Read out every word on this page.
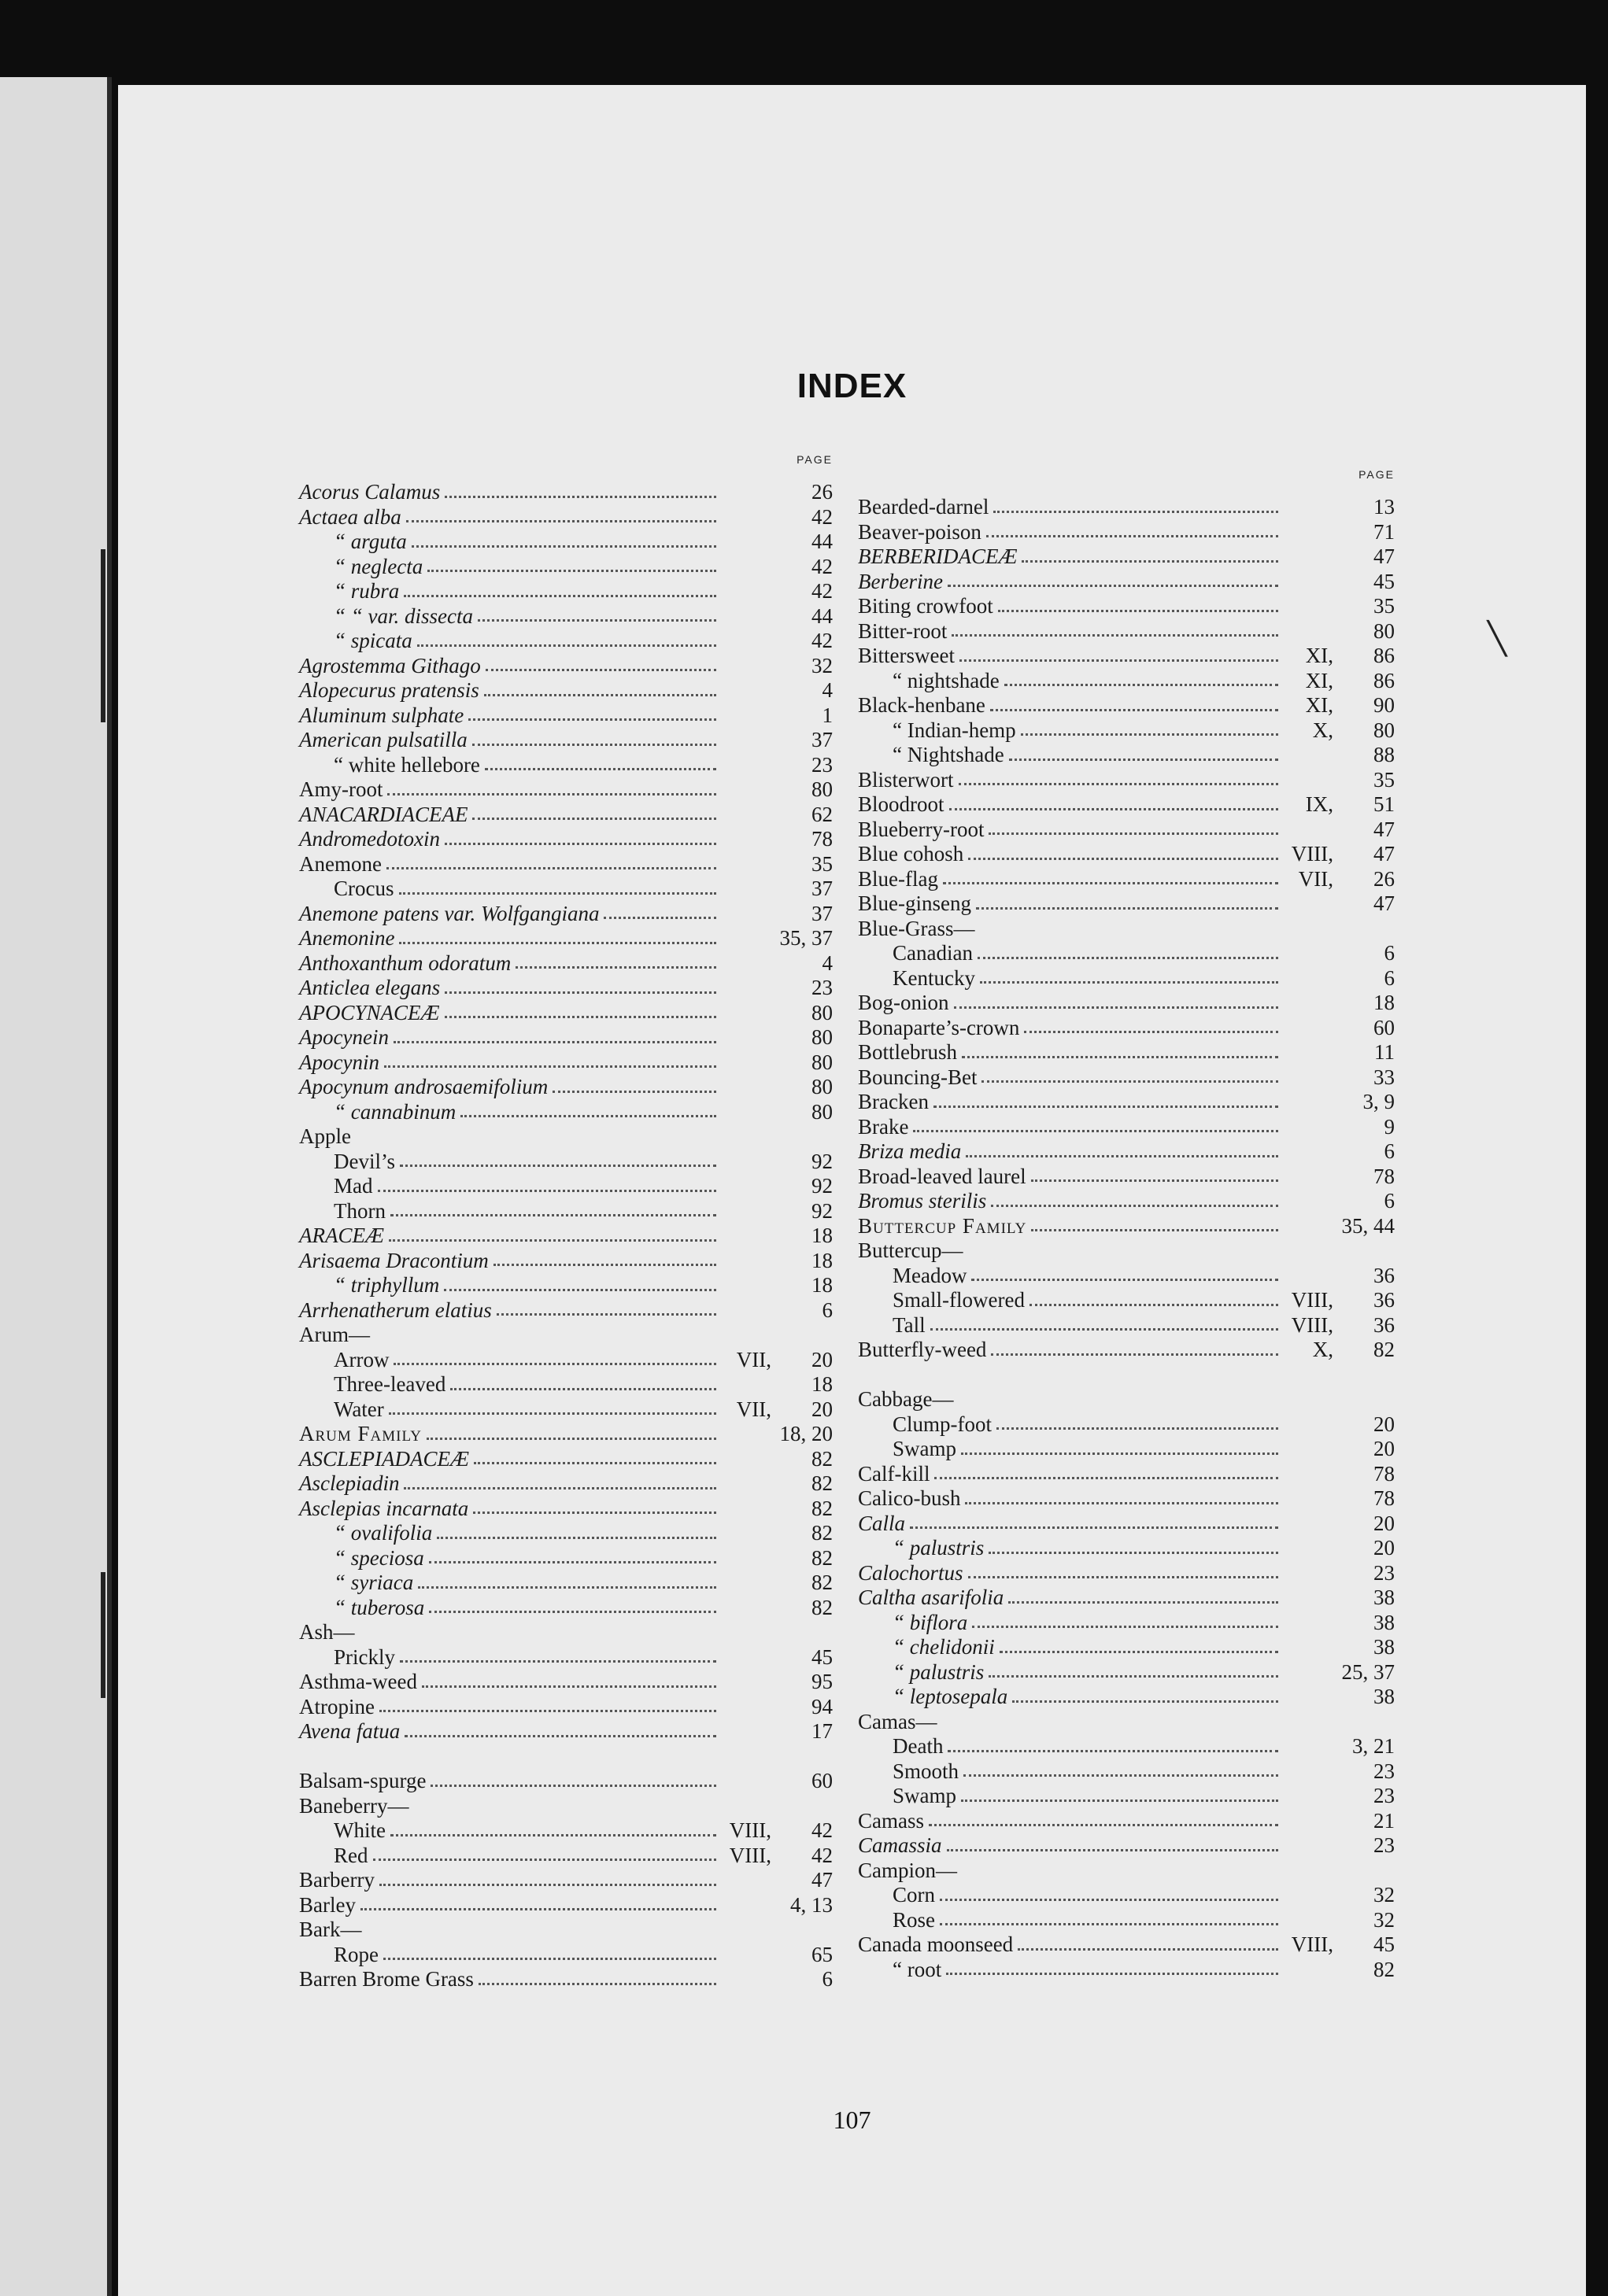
INDEX
PAGE
Acorus Calamus	26
Actaea alba	42
“ arguta	44
“ neglecta	42
“ rubra	42
“ “ var. dissecta	44
“ spicata	42
Agrostemma Githago	32
Alopecurus pratensis	4
Aluminum sulphate	1
American pulsatilla	37
“ white hellebore	23
Amy-root	80
ANACARDIACEAE	62
Andromedotoxin	78
Anemone	35
Crocus	37
Anemone patens var. Wolfgangiana	37
Anemonine	35, 37
Anthoxanthum odoratum	4
Anticlea elegans	23
APOCYNACEÆ	80
Apocynein	80
Apocynin	80
Apocynum androsaemifolium	80
“ cannabinum	80
Apple
Devil’s	92
Mad	92
Thorn	92
ARACEÆ	18
Arisaema Dracontium	18
“ triphyllum	18
Arrhenatherum elatius	6
Arum—
Arrow	VII,	20
Three-leaved	18
Water	VII,	20
Arum Family	18, 20
ASCLEPIADACEÆ	82
Asclepiadin	82
Asclepias incarnata	82
“ ovalifolia	82
“ speciosa	82
“ syriaca	82
“ tuberosa	82
Ash—
Prickly	45
Asthma-weed	95
Atropine	94
Avena fatua	17
Balsam-spurge	60
Baneberry—
White	VIII,	42
Red	VIII,	42
Barberry	47
Barley	4, 13
Bark—
Rope	65
Barren Brome Grass	6
PAGE
Bearded-darnel	13
Beaver-poison	71
BERBERIDACEÆ	47
Berberine	45
Biting crowfoot	35
Bitter-root	80
Bittersweet	XI,	86
“ nightshade	XI,	86
Black-henbane	XI,	90
“ Indian-hemp	X,	80
“ Nightshade	88
Blisterwort	35
Bloodroot	IX,	51
Blueberry-root	47
Blue cohosh	VIII,	47
Blue-flag	VII,	26
Blue-ginseng	47
Blue-Grass—
Canadian	6
Kentucky	6
Bog-onion	18
Bonaparte’s-crown	60
Bottlebrush	11
Bouncing-Bet	33
Bracken	3, 9
Brake	9
Briza media	6
Broad-leaved laurel	78
Bromus sterilis	6
Buttercup Family	35, 44
Buttercup—
Meadow	36
Small-flowered	VIII,	36
Tall	VIII,	36
Butterfly-weed	X,	82
Cabbage—
Clump-foot	20
Swamp	20
Calf-kill	78
Calico-bush	78
Calla	20
“ palustris	20
Calochortus	23
Caltha asarifolia	38
“ biflora	38
“ chelidonii	38
“ palustris	25, 37
“ leptosepala	38
Camas—
Death	3, 21
Smooth	23
Swamp	23
Camass	21
Camassia	23
Campion—
Corn	32
Rose	32
Canada moonseed	VIII,	45
“ root	82
107
╲
